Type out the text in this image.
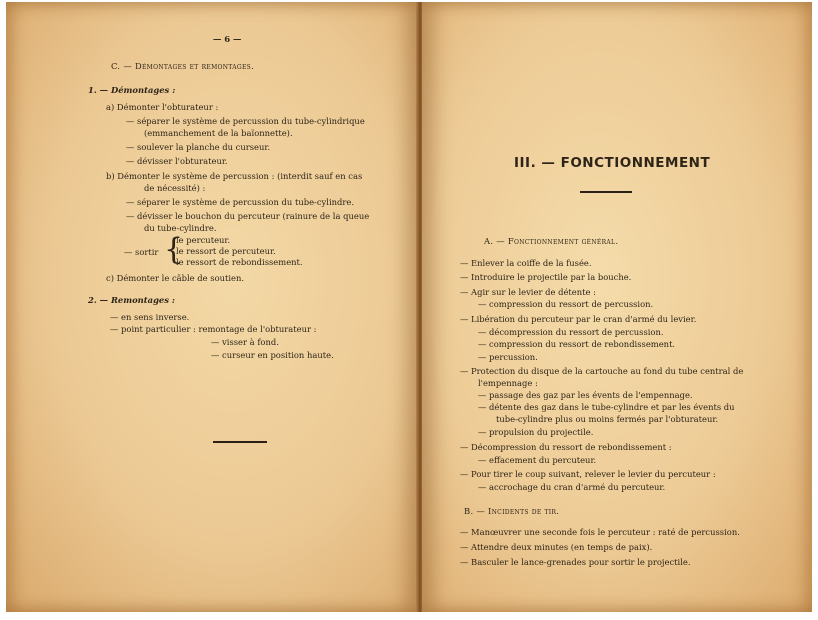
— 6 —
C. — Démontages et remontages.
1. — Démontages :
a) Démonter l'obturateur :
— séparer le système de percussion du tube-cylindrique
(emmanchement de la baïonnette).
— soulever la planche du curseur.
— dévisser l'obturateur.
b) Démonter le système de percussion : (interdit sauf en cas
de nécessité) :
— séparer le système de percussion du tube-cylindre.
— dévisser le bouchon du percuteur (rainure de la queue
du tube-cylindre.
— sortir {
le percuteur.
le ressort de percuteur.
le ressort de rebondissement.
c) Démonter le câble de soutien.
2. — Remontages :
— en sens inverse.
— point particulier : remontage de l'obturateur :
— visser à fond.
— curseur en position haute.
III. — FONCTIONNEMENT
A. — Fonctionnement général.
— Enlever la coiffe de la fusée.
— Introduire le projectile par la bouche.
— Agir sur le levier de détente :
— compression du ressort de percussion.
— Libération du percuteur par le cran d'armé du levier.
— décompression du ressort de percussion.
— compression du ressort de rebondissement.
— percussion.
— Protection du disque de la cartouche au fond du tube central de
l'empennage :
— passage des gaz par les évents de l'empennage.
— détente des gaz dans le tube-cylindre et par les évents du
tube-cylindre plus ou moins fermés par l'obturateur.
— propulsion du projectile.
— Décompression du ressort de rebondissement :
— effacement du percuteur.
— Pour tirer le coup suivant, relever le levier du percuteur :
— accrochage du cran d'armé du percuteur.
B. — Incidents de tir.
— Manœuvrer une seconde fois le percuteur : raté de percussion.
— Attendre deux minutes (en temps de paix).
— Basculer le lance-grenades pour sortir le projectile.
